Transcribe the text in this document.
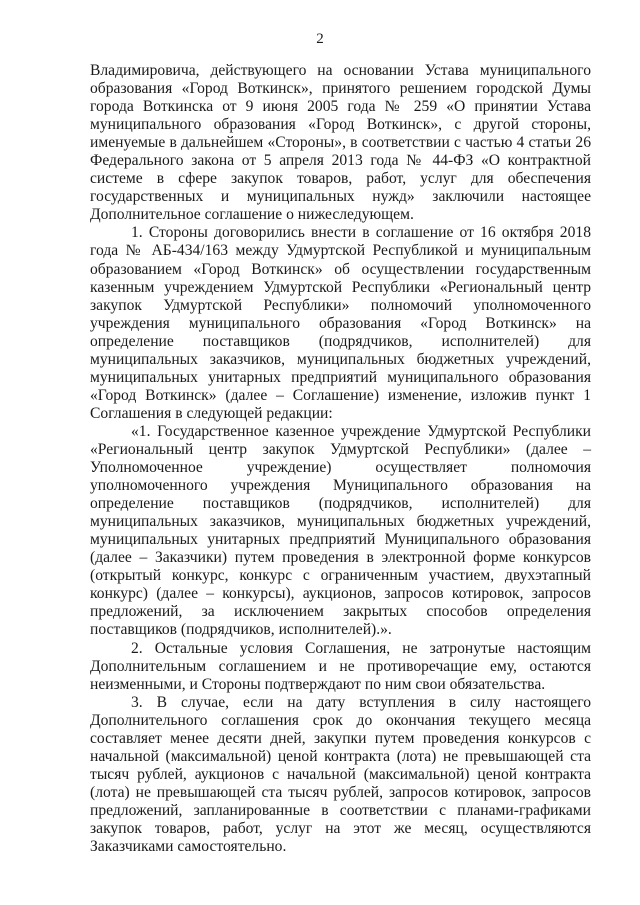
2

Владимировича, действующего на основании Устава муниципального образования «Город Воткинск», принятого решением городской Думы города Воткинска от 9 июня 2005 года № 259 «О принятии Устава муниципального образования «Город Воткинск», с другой стороны, именуемые в дальнейшем «Стороны», в соответствии с частью 4 статьи 26 Федерального закона от 5 апреля 2013 года № 44-ФЗ «О контрактной системе в сфере закупок товаров, работ, услуг для обеспечения государственных и муниципальных нужд» заключили настоящее Дополнительное соглашение о нижеследующем.

1. Стороны договорились внести в соглашение от 16 октября 2018 года № АБ-434/163 между Удмуртской Республикой и муниципальным образованием «Город Воткинск» об осуществлении государственным казенным учреждением Удмуртской Республики «Региональный центр закупок Удмуртской Республики» полномочий уполномоченного учреждения муниципального образования «Город Воткинск» на определение поставщиков (подрядчиков, исполнителей) для муниципальных заказчиков, муниципальных бюджетных учреждений, муниципальных унитарных предприятий муниципального образования «Город Воткинск» (далее – Соглашение) изменение, изложив пункт 1 Соглашения в следующей редакции:

«1. Государственное казенное учреждение Удмуртской Республики «Региональный центр закупок Удмуртской Республики» (далее – Уполномоченное учреждение) осуществляет полномочия уполномоченного учреждения Муниципального образования на определение поставщиков (подрядчиков, исполнителей) для муниципальных заказчиков, муниципальных бюджетных учреждений, муниципальных унитарных предприятий Муниципального образования (далее – Заказчики) путем проведения в электронной форме конкурсов (открытый конкурс, конкурс с ограниченным участием, двухэтапный конкурс) (далее – конкурсы), аукционов, запросов котировок, запросов предложений, за исключением закрытых способов определения поставщиков (подрядчиков, исполнителей).».

2. Остальные условия Соглашения, не затронутые настоящим Дополнительным соглашением и не противоречащие ему, остаются неизменными, и Стороны подтверждают по ним свои обязательства.

3. В случае, если на дату вступления в силу настоящего Дополнительного соглашения срок до окончания текущего месяца составляет менее десяти дней, закупки путем проведения конкурсов с начальной (максимальной) ценой контракта (лота) не превышающей ста тысяч рублей, аукционов с начальной (максимальной) ценой контракта (лота) не превышающей ста тысяч рублей, запросов котировок, запросов предложений, запланированные в соответствии с планами-графиками закупок товаров, работ, услуг на этот же месяц, осуществляются Заказчиками самостоятельно.
